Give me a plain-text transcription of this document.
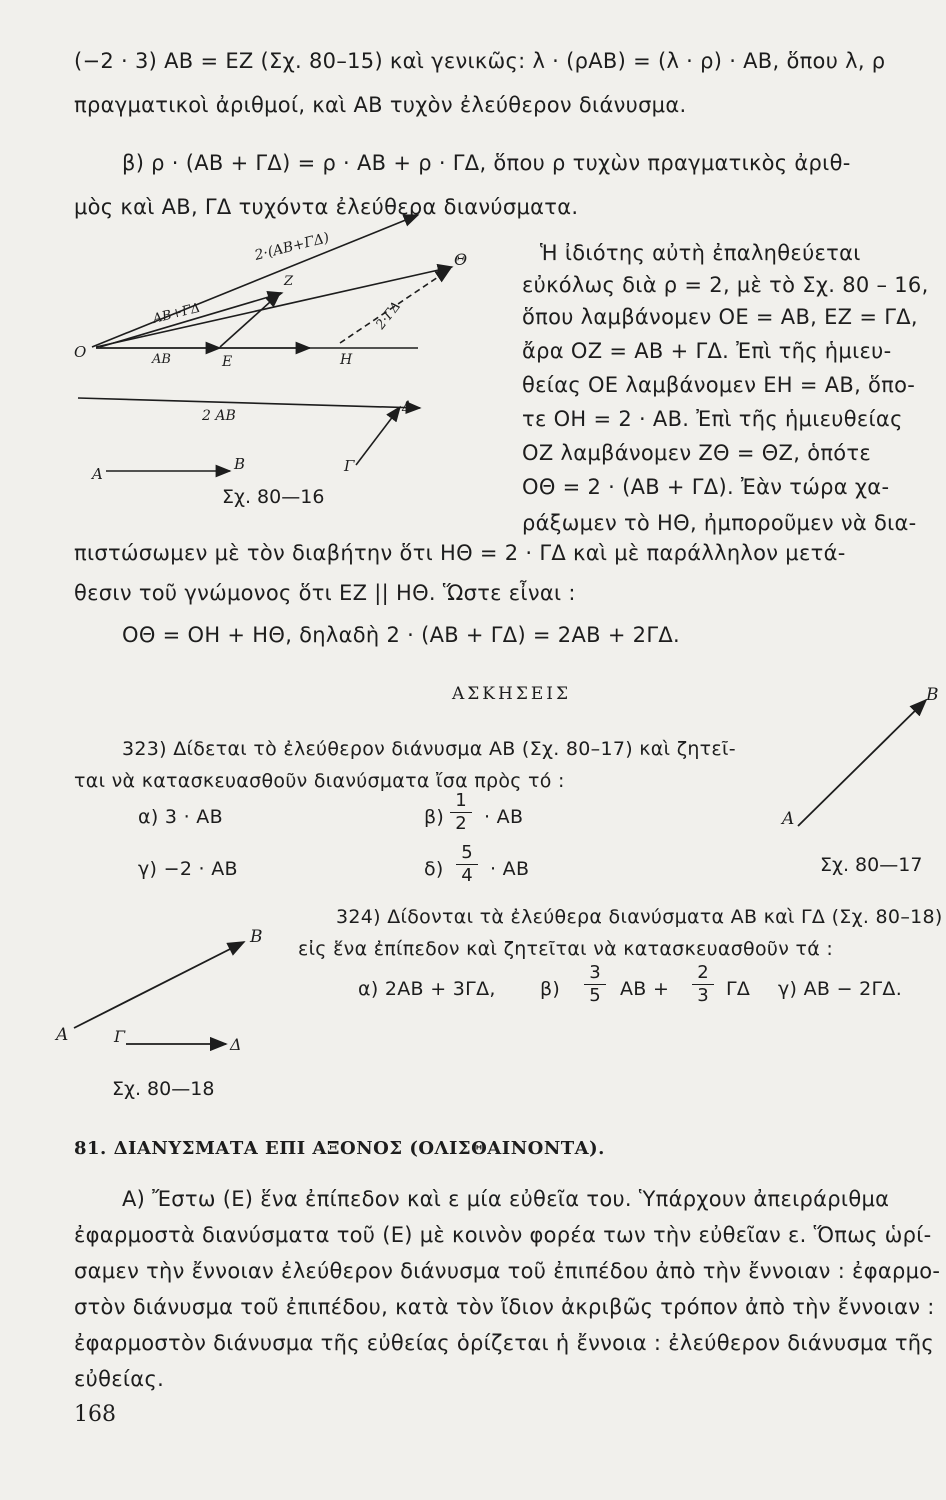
(−2 · 3) AB = EZ (Σχ. 80–15) καὶ γενικῶς: λ · (ρAB) = (λ · ρ) · AB, ὅπου λ, ρ
πραγματικοὶ ἀριθμοί, καὶ AB τυχὸν ἐλεύθερον διάνυσμα.
β) ρ · (AB + ΓΔ) = ρ · AB + ρ · ΓΔ, ὅπου ρ τυχὼν πραγματικὸς ἀριθ-
μὸς καὶ AB, ΓΔ τυχόντα ἐλεύθερα διανύσματα.
Ἡ ἰδιότης αὐτὴ ἐπαληθεύεται
εὐκόλως διὰ ρ = 2, μὲ τὸ Σχ. 80 – 16,
ὅπου λαμβάνομεν OE = AB, EZ = ΓΔ,
ἄρα OZ = AB + ΓΔ. Ἐπὶ τῆς ἡμιευ-
θείας OE λαμβάνομεν EH = AB, ὅπο-
τε OH = 2 · AB. Ἐπὶ τῆς ἡμιευθείας
OZ λαμβάνομεν ZΘ = ΘZ, ὁπότε
OΘ = 2 · (AB + ΓΔ). Ἐὰν τώρα χα-
ράξωμεν τὸ HΘ, ἠμποροῦμεν νὰ δια-
O
E	H
Z
Θ
2·(AB+ΓΔ)
AB+ΓΔ
AB
2·ΓΔ
2 AB
A
B	Γ
Δ
Σχ. 80—16
πιστώσωμεν μὲ τὸν διαβήτην ὅτι HΘ = 2 · ΓΔ καὶ μὲ παράλληλον μετά-
θεσιν τοῦ γνώμονος ὅτι EZ || HΘ. Ὥστε εἶναι :
OΘ = OH + HΘ, δηλαδὴ 2 · (AB + ΓΔ) = 2AB + 2ΓΔ.
ΑΣΚΗΣΕΙΣ
323) Δίδεται τὸ ἐλεύθερον διάνυσμα AB (Σχ. 80–17) καὶ ζητεῖ-
ται νὰ κατασκευασθοῦν διανύσματα ἴσα πρὸς τό :
α) 3 · AB	$\beta) \frac{1}{2}$ · AB
γ) −2 · AB	$\delta) \frac{5}{4}$ · AB
A
B
Σχ. 80—17
324) Δίδονται τὰ ἐλεύθερα διανύσματα AB καὶ ΓΔ (Σχ. 80–18)
εἰς ἕνα ἐπίπεδον καὶ ζητεῖται νὰ κατασκευασθοῦν τά :
α) 2AB + 3ΓΔ, $\beta) \frac{3}{5}$ AB + $\frac{2}{3}$ ΓΔ γ) AB − 2ΓΔ.
A
B
Γ	Δ
Σχ. 80—18
81. ΔΙΑΝΥΣΜΑΤΑ ΕΠΙ ΑΞΟΝΟΣ (ΟΛΙΣΘΑΙΝΟΝΤΑ).
Α) Ἔστω (Ε) ἕνα ἐπίπεδον καὶ ε μία εὐθεῖα του. Ὑπάρχουν ἀπειράριθμα
ἐφαρμοστὰ διανύσματα τοῦ (Ε) μὲ κοινὸν φορέα των τὴν εὐθεῖαν ε. Ὅπως ὡρί-
σαμεν τὴν ἔννοιαν ἐλεύθερον διάνυσμα τοῦ ἐπιπέδου ἀπὸ τὴν ἔννοιαν : ἐφαρμο-
στὸν διάνυσμα τοῦ ἐπιπέδου, κατὰ τὸν ἴδιον ἀκριβῶς τρόπον ἀπὸ τὴν ἔννοιαν :
ἐφαρμοστὸν διάνυσμα τῆς εὐθείας ὁρίζεται ἡ ἔννοια : ἐλεύθερον διάνυσμα τῆς
εὐθείας.
168
